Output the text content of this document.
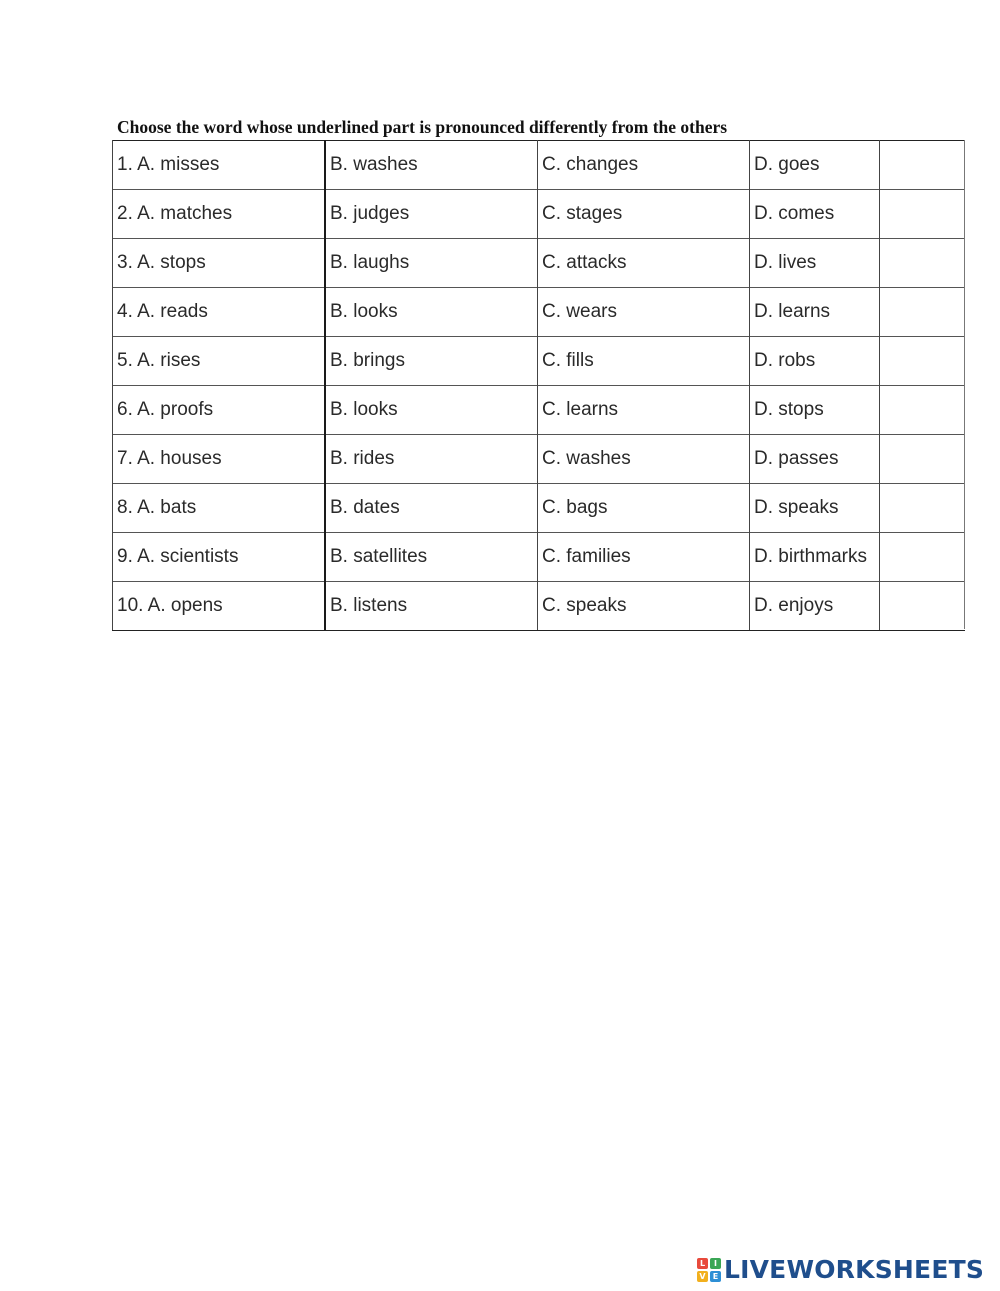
Choose the word whose underlined part is pronounced differently from the others
1. A. misses	B. washes	C. changes	D. goes
2. A. matches	B. judges	C. stages	D. comes
3. A. stops	B. laughs	C. attacks	D. lives
4. A. reads	B. looks	C. wears	D. learns
5. A. rises	B. brings	C. fills	D. robs
6. A. proofs	B. looks	C. learns	D. stops
7. A. houses	B. rides	C. washes	D. passes
8. A. bats	B. dates	C. bags	D. speaks
9. A. scientists	B. satellites	C. families	D. birthmarks
10. A. opens	B. listens	C. speaks	D. enjoys
L	I
V E LIVEWORKSHEETS
